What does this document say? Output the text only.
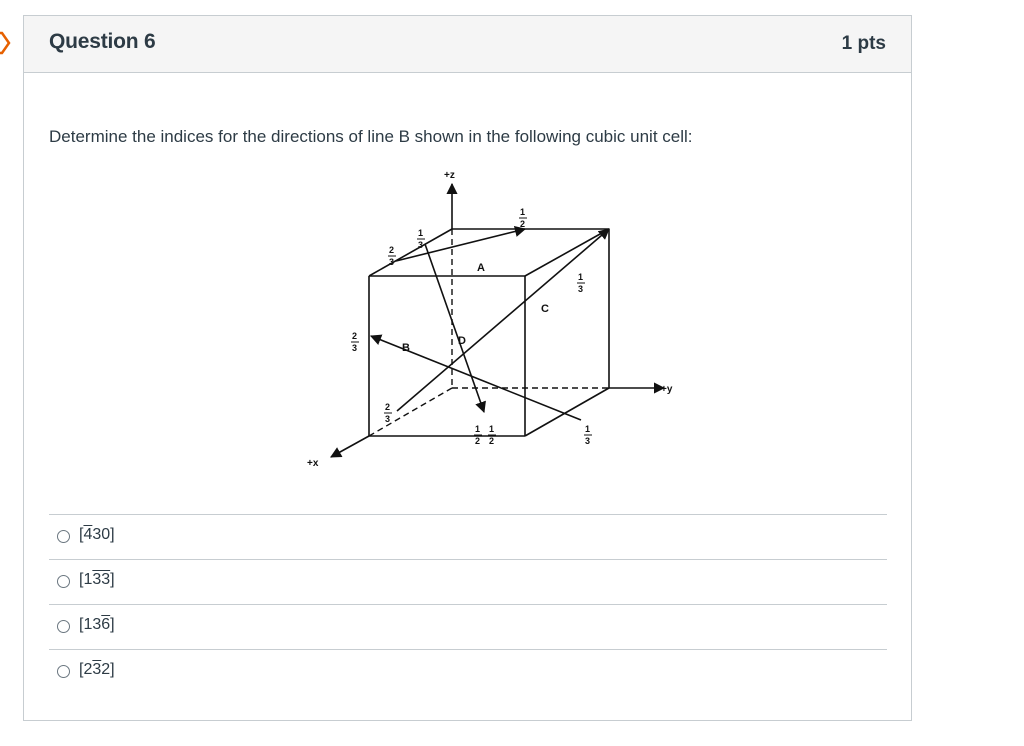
Question 6	1 pts
Determine the indices for the directions of line B shown in the following cubic unit cell:
+z
+y
+x
A
B
C
D
2
3
1
3
1
2
1
3
2
3
2
3
1
2
1
2
1
3
[430]
[133]
[136]
[232]
